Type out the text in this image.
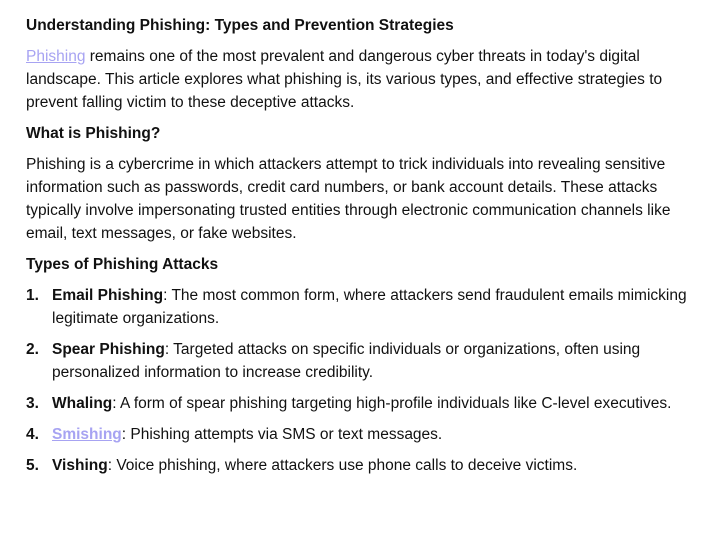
Understanding Phishing: Types and Prevention Strategies

Phishing remains one of the most prevalent and dangerous cyber threats in today's digital landscape. This article explores what phishing is, its various types, and effective strategies to prevent falling victim to these deceptive attacks.

What is Phishing?

Phishing is a cybercrime in which attackers attempt to trick individuals into revealing sensitive information such as passwords, credit card numbers, or bank account details. These attacks typically involve impersonating trusted entities through electronic communication channels like email, text messages, or fake websites.

Types of Phishing Attacks
1. Email Phishing: The most common form, where attackers send fraudulent emails mimicking legitimate organizations.
2. Spear Phishing: Targeted attacks on specific individuals or organizations, often using personalized information to increase credibility.
3. Whaling: A form of spear phishing targeting high-profile individuals like C-level executives.
4. Smishing: Phishing attempts via SMS or text messages.
5. Vishing: Voice phishing, where attackers use phone calls to deceive victims.
